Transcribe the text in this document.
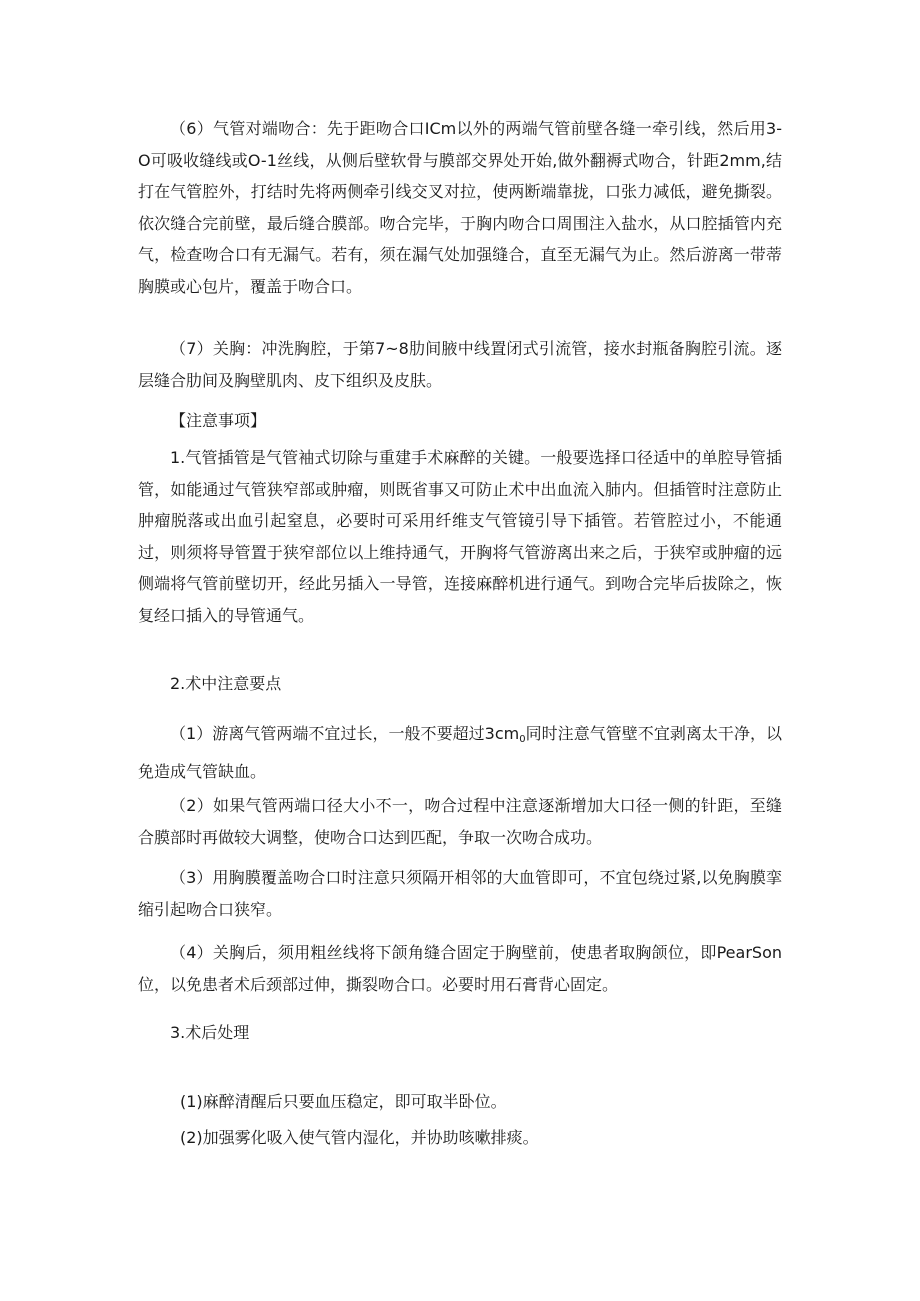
（6）气管对端吻合：先于距吻合口ICm以外的两端气管前壁各缝一牵引线，然后用3-O可吸收缝线或O-1丝线，从侧后壁软骨与膜部交界处开始,做外翻褥式吻合，针距2mm,结打在气管腔外，打结时先将两侧牵引线交叉对拉，使两断端靠拢，口张力减低，避免撕裂。依次缝合完前壁，最后缝合膜部。吻合完毕，于胸内吻合口周围注入盐水，从口腔插管内充气，检查吻合口有无漏气。若有，须在漏气处加强缝合，直至无漏气为止。然后游离一带蒂胸膜或心包片，覆盖于吻合口。

（7）关胸：冲洗胸腔，于第7~8肋间腋中线置闭式引流管，接水封瓶备胸腔引流。逐层缝合肋间及胸壁肌肉、皮下组织及皮肤。

【注意事项】

1.气管插管是气管袖式切除与重建手术麻醉的关键。一般要选择口径适中的单腔导管插管，如能通过气管狭窄部或肿瘤，则既省事又可防止术中出血流入肺内。但插管时注意防止肿瘤脱落或出血引起窒息，必要时可采用纤维支气管镜引导下插管。若管腔过小，不能通过，则须将导管置于狭窄部位以上维持通气，开胸将气管游离出来之后，于狭窄或肿瘤的远侧端将气管前壁切开，经此另插入一导管，连接麻醉机进行通气。到吻合完毕后拔除之，恢复经口插入的导管通气。

2.术中注意要点

（1）游离气管两端不宜过长，一般不要超过$3cm_0$同时注意气管壁不宜剥离太干净，以免造成气管缺血。

（2）如果气管两端口径大小不一，吻合过程中注意逐渐增加大口径一侧的针距，至缝合膜部时再做较大调整，使吻合口达到匹配，争取一次吻合成功。

（3）用胸膜覆盖吻合口时注意只须隔开相邻的大血管即可，不宜包绕过紧,以免胸膜挛缩引起吻合口狭窄。

（4）关胸后，须用粗丝线将下颌角缝合固定于胸壁前，使患者取胸颌位，即PearSon位，以免患者术后颈部过伸，撕裂吻合口。必要时用石膏背心固定。

3.术后处理

(1)麻醉清醒后只要血压稳定，即可取半卧位。

(2)加强雾化吸入使气管内湿化，并协助咳嗽排痰。
